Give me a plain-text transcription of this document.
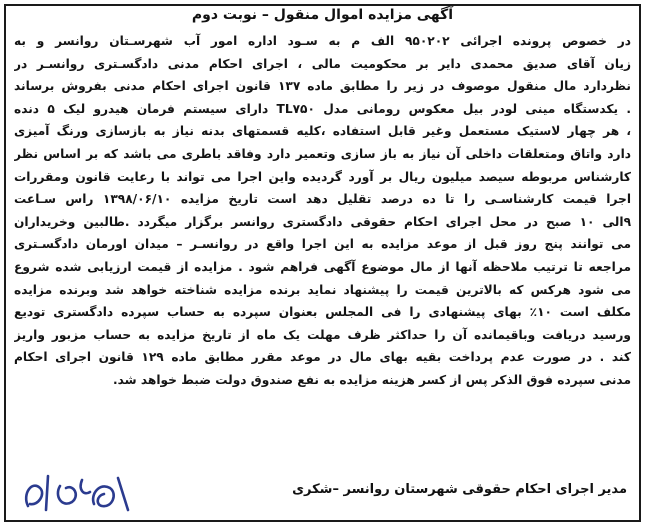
آگهی مزایده اموال منقول – نوبت دوم
در خصوص پرونده اجرائی ۹۵۰۲۰۲ الف م به سـود اداره امور آب شهرسـتان روانسر و به
زیان آقای صدیق محمدی دایر بر محکومیت مالی ، اجرای احکام مدنی دادگسـتری روانسـر در
نظردارد مال منقول موصوف در زیر را مطابق ماده ۱۳۷ قانون اجرای احکام مدنی بفروش برساند
. یکدستگاه مینی لودر بیل معکوس رومانی مدل TL۷۵۰ دارای سیستم فرمان هیدرو لیک ۵ دنده
، هر چهار لاستیک مستعمل وغیر قابل استفاده ،کلیه قسمتهای بدنه نیاز به بازسازی ورنگ آمیزی
دارد واتاق ومتعلقات داخلی آن نیاز به باز سازی وتعمیر دارد وفاقد باطری می باشد که بر اساس نظر
کارشناس مربوطه سیصد میلیون ریال بر آورد گردیده واین اجرا می تواند با رعایت قانون ومقررات
اجرا قیمت کارشناسـی را تا ده درصد تقلیل دهد است تاریخ مزایده ۱۳۹۸/۰۶/۱۰ راس سـاعت
۹الی ۱۰ صبح در محل اجرای احکام حقوقی دادگستری روانسر برگزار میگردد .طالبین وخریداران
می توانند پنج روز قبل از موعد مزایده به این اجرا واقع در روانسـر – میدان اورمان دادگسـتری
مراجعه تا ترتیب ملاحظه آنها از مال موضوع آگهی فراهم شود . مزایده از قیمت ارزیابی شده شروع
می شود هرکس که بالاترین قیمت را پیشنهاد نماید برنده مزایده شناخته خواهد شد وبرنده مزایده
مکلف است ۱۰٪ بهای پیشنهادی را فی المجلس بعنوان سپرده به حساب سپرده دادگستری تودیع
ورسید دریافت وباقیمانده آن را حداکثر ظرف مهلت یک ماه از تاریخ مزایده به حساب مزبور واریز
کند . در صورت عدم پرداخت بقیه بهای مال در موعد مقرر مطابق ماده ۱۲۹ قانون اجرای احکام
مدنی سپرده فوق الذکر پس از کسر هزینه مزایده به نفع صندوق دولت ضبط خواهد شد.
مدیر اجرای احکام حقوقی شهرستان روانسر –شکری
